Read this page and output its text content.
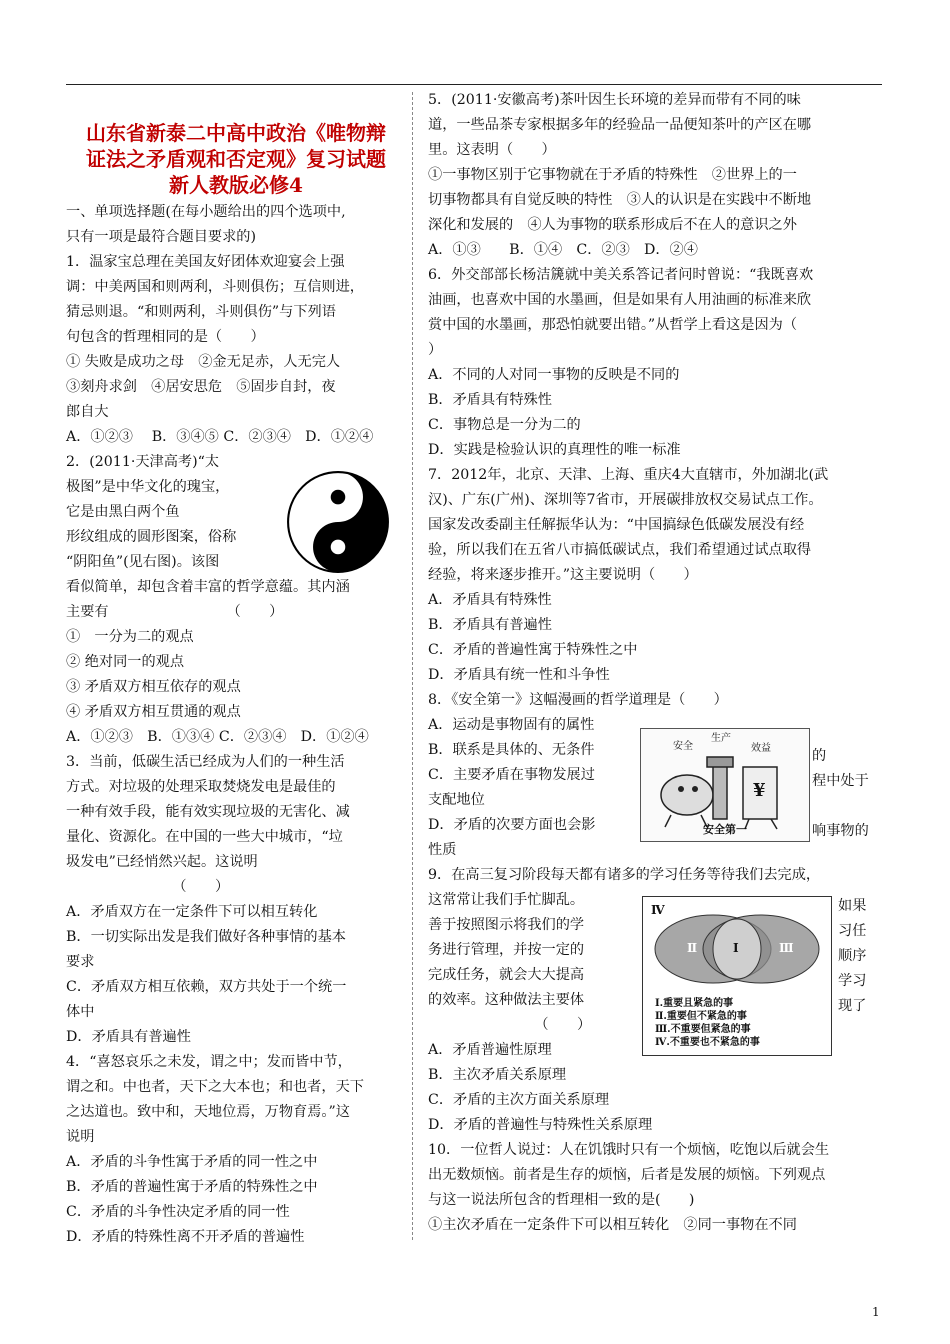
山东省新泰二中高中政治《唯物辩
证法之矛盾观和否定观》复习试题
新人教版必修4
一、单项选择题(在每小题给出的四个选项中,
只有一项是最符合题目要求的)
1．温家宝总理在美国友好团体欢迎宴会上强
调：中美两国和则两利，斗则俱伤；互信则进，
猜忌则退。“和则两利，斗则俱伤”与下列语
句包含的哲理相同的是（　　）
① 失败是成功之母　②金无足赤，人无完人
③刻舟求剑　④居安思危　⑤固步自封，夜
郎自大
A．①②③　 B．③④⑤ C．②③④　D．①②④
2．(2011·天津高考)“太
极图”是中华文化的瑰宝，
它是由黑白两个鱼
形纹组成的圆形图案，俗称
“阴阳鱼”(见右图)。该图
看似简单，却包含着丰富的哲学意蕴。其内涵
主要有　　　　　　　　 （　　）
①　一分为二的观点
② 绝对同一的观点
③ 矛盾双方相互依存的观点
④ 矛盾双方相互贯通的观点
A．①②③　B．①③④ C．②③④　D．①②④
3．当前，低碳生活已经成为人们的一种生活
方式。对垃圾的处理采取焚烧发电是最佳的
一种有效手段，能有效实现垃圾的无害化、减
量化、资源化。在中国的一些大中城市，“垃
圾发电”已经悄然兴起。这说明
　　　　　　　　（　　）
A．矛盾双方在一定条件下可以相互转化
B．一切实际出发是我们做好各种事情的基本
要求
C．矛盾双方相互依赖，双方共处于一个统一
体中
D．矛盾具有普遍性
4．“喜怒哀乐之未发，谓之中；发而皆中节，
谓之和。中也者，天下之大本也；和也者，天下
之达道也。致中和，天地位焉，万物育焉。”这
说明
A．矛盾的斗争性寓于矛盾的同一性之中
B．矛盾的普遍性寓于矛盾的特殊性之中
C．矛盾的斗争性决定矛盾的同一性
D．矛盾的特殊性离不开矛盾的普遍性
5．(2011·安徽高考)茶叶因生长环境的差异而带有不同的味
道，一些品茶专家根据多年的经验品一品便知茶叶的产区在哪
里。这表明（　　）
①一事物区别于它事物就在于矛盾的特殊性　②世界上的一
切事物都具有自觉反映的特性　③人的认识是在实践中不断地
深化和发展的　④人为事物的联系形成后不在人的意识之外
A．①③　　B．①④　C．②③　D．②④
6．外交部部长杨洁篪就中美关系答记者问时曾说：“我既喜欢
油画，也喜欢中国的水墨画，但是如果有人用油画的标准来欣
赏中国的水墨画，那恐怕就要出错。”从哲学上看这是因为（
）
A．不同的人对同一事物的反映是不同的
B．矛盾具有特殊性
C．事物总是一分为二的
D．实践是检验认识的真理性的唯一标准
7．2012年，北京、天津、上海、重庆4大直辖市，外加湖北(武
汉)、广东(广州)、深圳等7省市，开展碳排放权交易试点工作。
国家发改委副主任解振华认为：“中国搞绿色低碳发展没有经
验，所以我们在五省八市搞低碳试点，我们希望通过试点取得
经验，将来逐步推开。”这主要说明（　　）
A．矛盾具有特殊性
B．矛盾具有普遍性
C．矛盾的普遍性寓于特殊性之中
D．矛盾具有统一性和斗争性
8．《安全第一》这幅漫画的哲学道理是（　　）
A．运动是事物固有的属性
B．联系是具体的、无条件
C．主要矛盾在事物发展过
支配地位
D．矛盾的次要方面也会影
性质
9．在高三复习阶段每天都有诸多的学习任务等待我们去完成，
这常常让我们手忙脚乱。
善于按照图示将我们的学
务进行管理，并按一定的
完成任务，就会大大提高
的效率。这种做法主要体
　　　　　　　　（　　）
A．矛盾普遍性原理
B．主次矛盾关系原理
C．矛盾的主次方面关系原理
D．矛盾的普遍性与特殊性关系原理
10．一位哲人说过：人在饥饿时只有一个烦恼，吃饱以后就会生
出无数烦恼。前者是生存的烦恼，后者是发展的烦恼。下列观点
与这一说法所包含的哲理相一致的是(　　)
①主次矛盾在一定条件下可以相互转化　②同一事物在不同
的
程中处于
响事物的
安全
生产
效益
¥
安全第一
如果
习任
顺序
学习
现了
Ⅳ
Ⅱ	Ⅰ	Ⅲ
Ⅰ.重要且紧急的事
Ⅱ.重要但不紧急的事
Ⅲ.不重要但紧急的事
Ⅳ.不重要也不紧急的事
1
